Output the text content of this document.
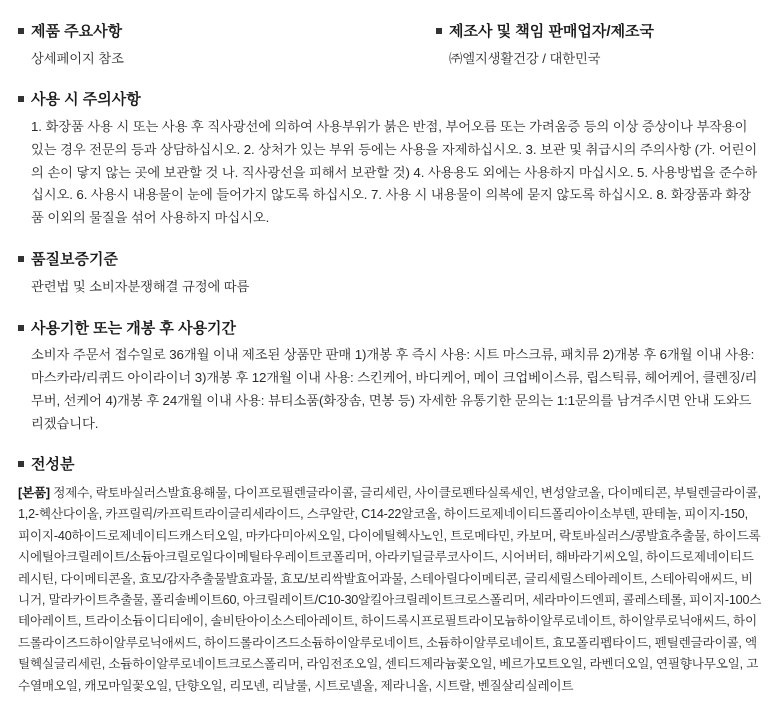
제품 주요사항
상세페이지 참조
제조사 및 책임 판매업자/제조국
㈜엘지생활건강 / 대한민국
사용 시 주의사항
1. 화장품 사용 시 또는 사용 후 직사광선에 의하여 사용부위가 붉은 반점, 부어오름 또는 가려움증 등의 이상 증상이나 부작용이 있는 경우 전문의 등과 상담하십시오. 2. 상처가 있는 부위 등에는 사용을 자제하십시오. 3. 보관 및 취급시의 주의사항 (가. 어린이의 손이 닿지 않는 곳에 보관할 것 나. 직사광선을 피해서 보관할 것) 4. 사용용도 외에는 사용하지 마십시오. 5. 사용방법을 준수하십시오. 6. 사용시 내용물이 눈에 들어가지 않도록 하십시오. 7. 사용 시 내용물이 의복에 묻지 않도록 하십시오. 8. 화장품과 화장품 이외의 물질을 섞어 사용하지 마십시오.
품질보증기준
관련법 및 소비자분쟁해결 규정에 따름
사용기한 또는 개봉 후 사용기간
소비자 주문서 접수일로 36개월 이내 제조된 상품만 판매 1)개봉 후 즉시 사용: 시트 마스크류, 패치류 2)개봉 후 6개월 이내 사용: 마스카라/리퀴드 아이라이너 3)개봉 후 12개월 이내 사용: 스킨케어, 바디케어, 메이 크업베이스류, 립스틱류, 헤어케어, 클렌징/리무버, 선케어 4)개봉 후 24개월 이내 사용: 뷰티소품(화장솜, 면봉 등) 자세한 유통기한 문의는 1:1문의를 남겨주시면 안내 도와드리겠습니다.
전성분
[본품] 정제수, 락토바실러스발효용해물, 다이프로필렌글라이콜, 글리세린, 사이클로펜타실록세인, 변성알코올, 다이메티콘, 부틸렌글라이콜, 1,2-헥산다이올, 카프릴릭/카프릭트라이글리세라이드, 스쿠알란, C14-22알코올, 하이드로제네이티드폴리아이소부텐, 판테놀, 피이지-150, 피이지-40하이드로제네이티드캐스터오일, 마카다미아씨오일, 다이에틸헥사노인, 트로메타민, 카보머, 락토바실러스/콩발효추출물, 하이드록시에틸아크릴레이트/소듐아크릴로일다이메틸타우레이트코폴리머, 아라키딜글루코사이드, 시어버터, 해바라기씨오일, 하이드로제네이티드레시틴, 다이메티콘올, 효모/감자추출물발효과물, 효모/보리싹발효어과물, 스테아릴다이메티콘, 글리세릴스테아레이트, 스테아릭애씨드, 비니거, 말라카이트추출물, 폴리솔베이트60, 아크릴레이트/C10-30알킬아크릴레이트크로스폴리머, 세라마이드엔피, 콜레스테롤, 피이지-100스테아레이트, 트라이소듐이디티에이, 솔비탄아이소스테아레이트, 하이드록시프로필트라이모늄하이알루로네이트, 하이알루로닉애씨드, 하이드롤라이즈드하이알루로닉애씨드, 하이드롤라이즈드소듐하이알루로네이트, 소듐하이알루로네이트, 효모폴리펩타이드, 펜틸렌글라이콜, 엑틸헥실글리세린, 소듐하이알루로네이트크로스폴리머, 라임전조오일, 센티드제라늄꽃오일, 베르가모트오일, 라벤더오일, 연필향나무오일, 고수열매오일, 캐모마일꽃오일, 단향오일, 리모넨, 리날룰, 시트로넬올, 제라니올, 시트랄, 벤질살리실레이트
